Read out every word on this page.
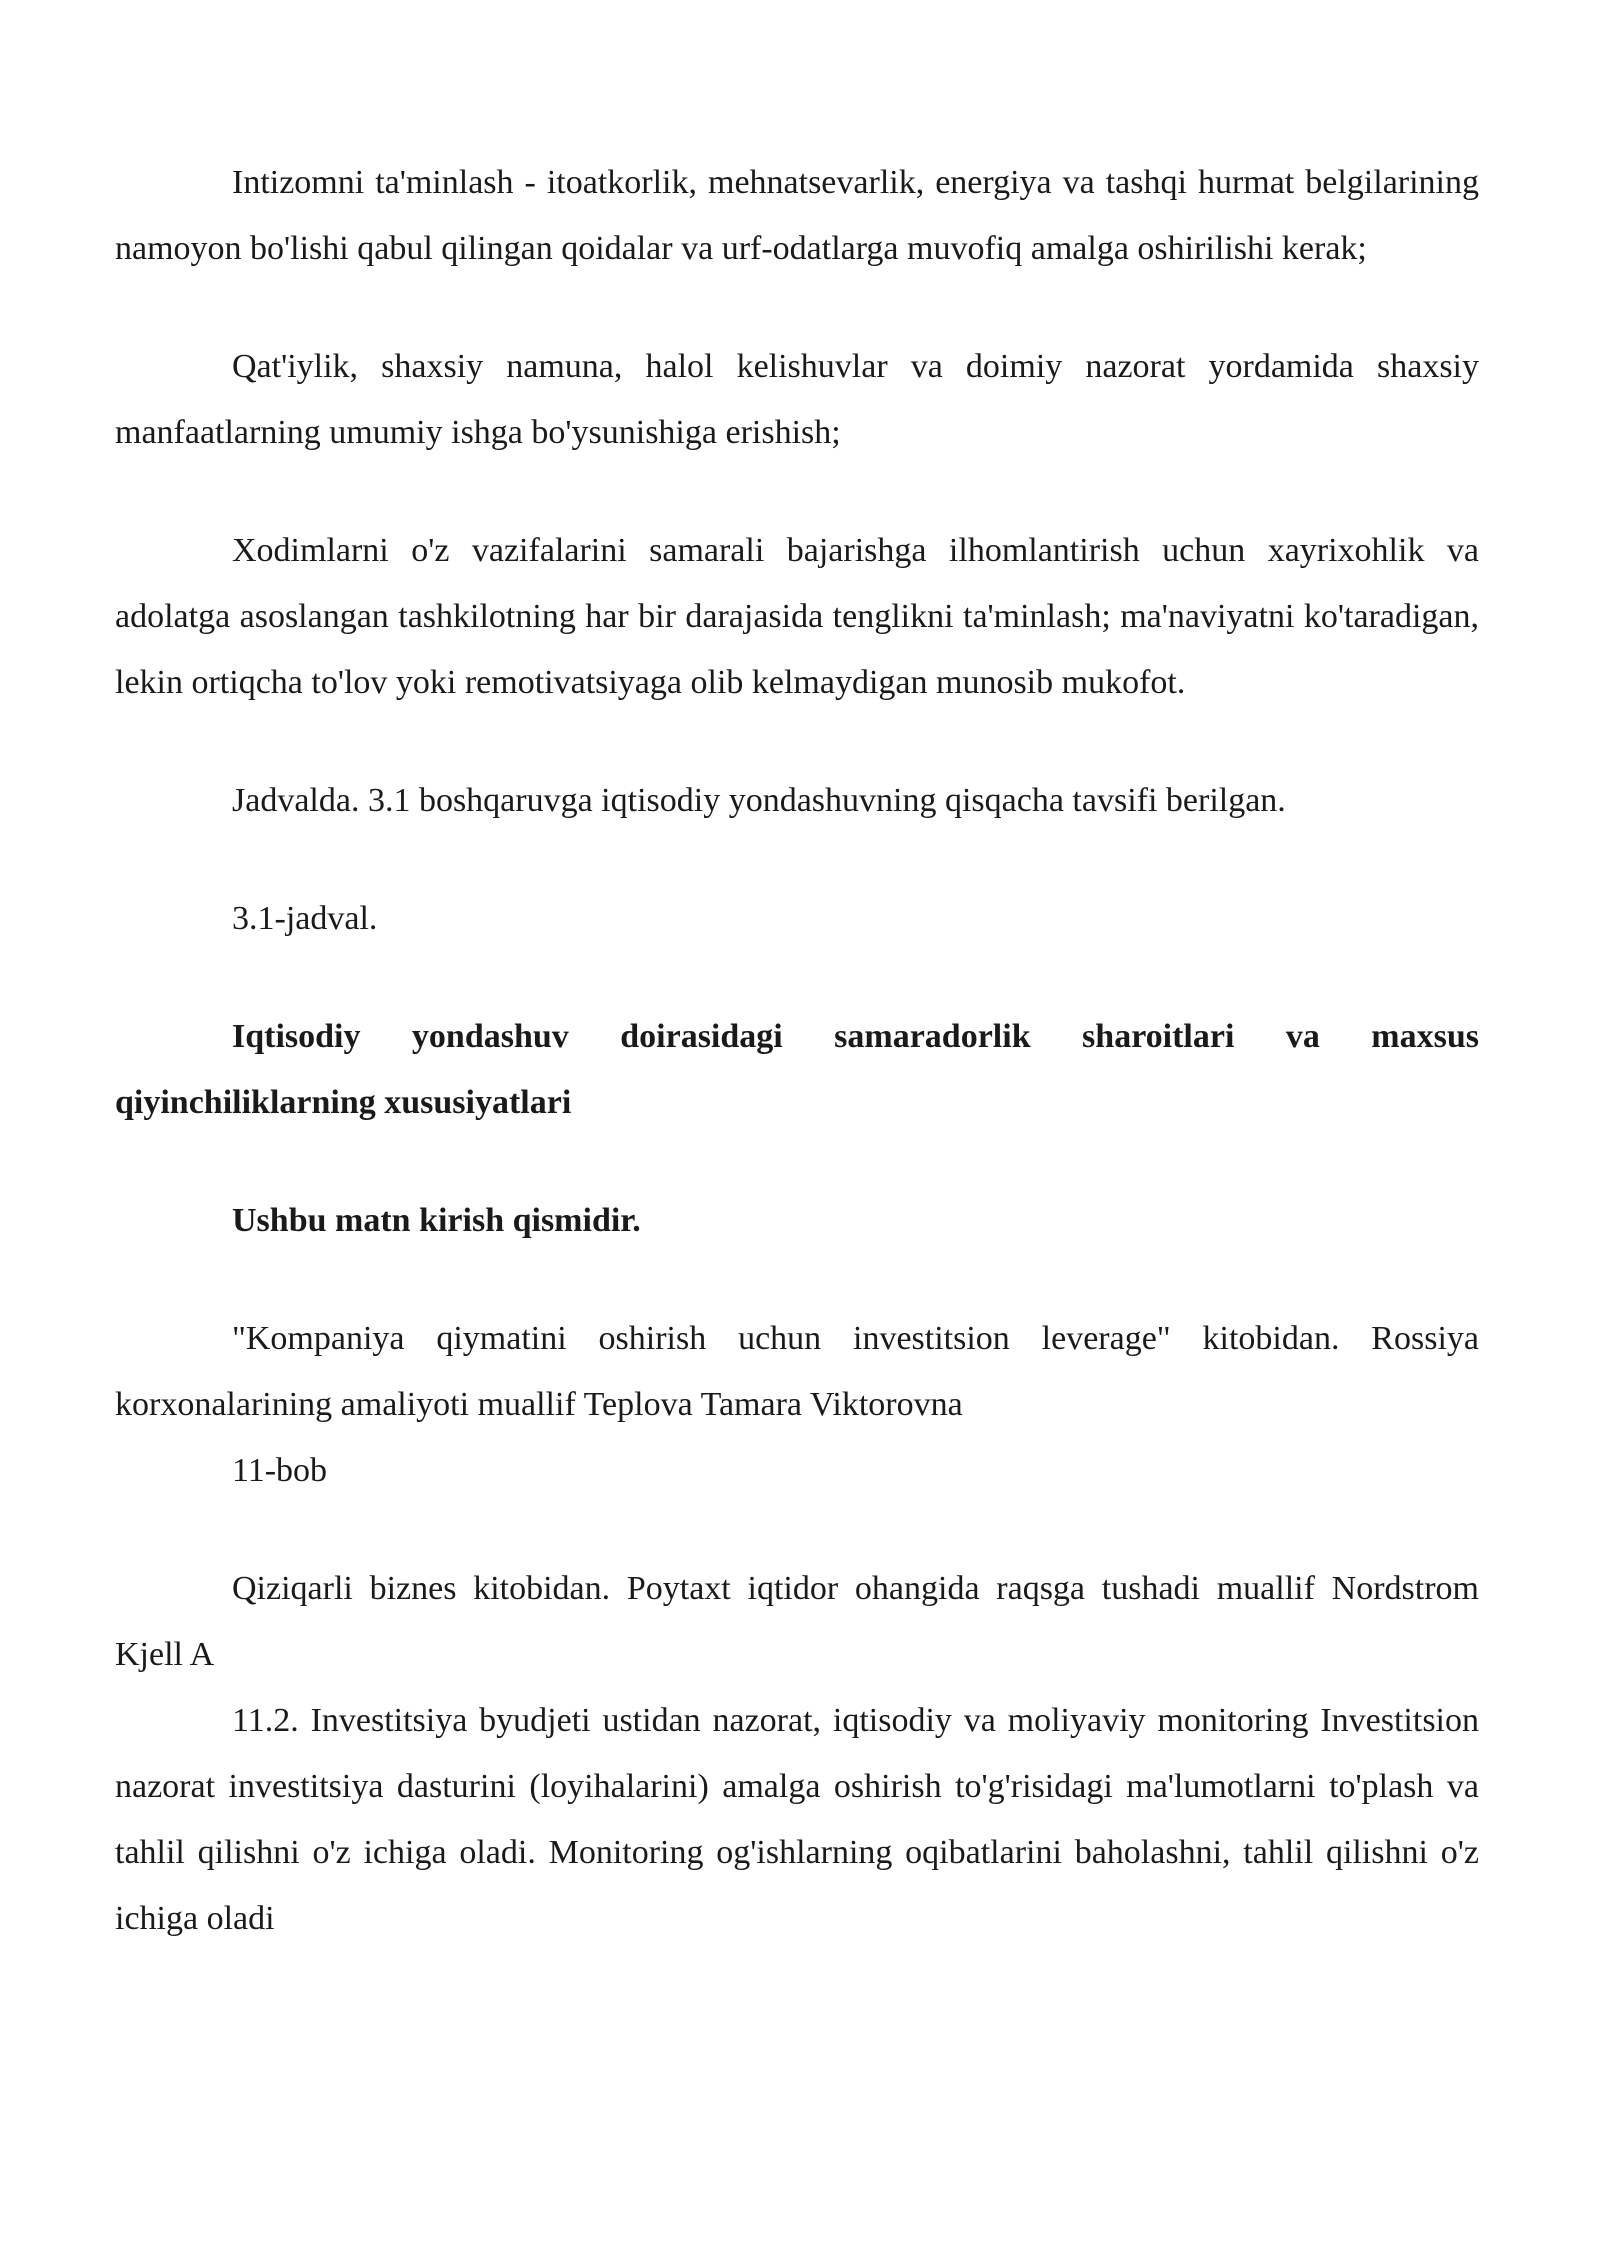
Intizomni ta'minlash - itoatkorlik, mehnatsevarlik, energiya va tashqi hurmat belgilarining namoyon bo'lishi qabul qilingan qoidalar va urf-odatlarga muvofiq amalga oshirilishi kerak;

Qat'iylik, shaxsiy namuna, halol kelishuvlar va doimiy nazorat yordamida shaxsiy manfaatlarning umumiy ishga bo'ysunishiga erishish;

Xodimlarni o'z vazifalarini samarali bajarishga ilhomlantirish uchun xayrixohlik va adolatga asoslangan tashkilotning har bir darajasida tenglikni ta'minlash; ma'naviyatni ko'taradigan, lekin ortiqcha to'lov yoki remotivatsiyaga olib kelmaydigan munosib mukofot.

Jadvalda. 3.1 boshqaruvga iqtisodiy yondashuvning qisqacha tavsifi berilgan.

3.1-jadval.

Iqtisodiy yondashuv doirasidagi samaradorlik sharoitlari va maxsus qiyinchiliklarning xususiyatlari

Ushbu matn kirish qismidir.

"Kompaniya qiymatini oshirish uchun investitsion leverage" kitobidan. Rossiya korxonalarining amaliyoti muallif Teplova Tamara Viktorovna

11-bob

Qiziqarli biznes kitobidan. Poytaxt iqtidor ohangida raqsga tushadi muallif Nordstrom Kjell A

11.2. Investitsiya byudjeti ustidan nazorat, iqtisodiy va moliyaviy monitoring Investitsion nazorat investitsiya dasturini (loyihalarini) amalga oshirish to'g'risidagi ma'lumotlarni to'plash va tahlil qilishni o'z ichiga oladi. Monitoring og'ishlarning oqibatlarini baholashni, tahlil qilishni o'z ichiga oladi
